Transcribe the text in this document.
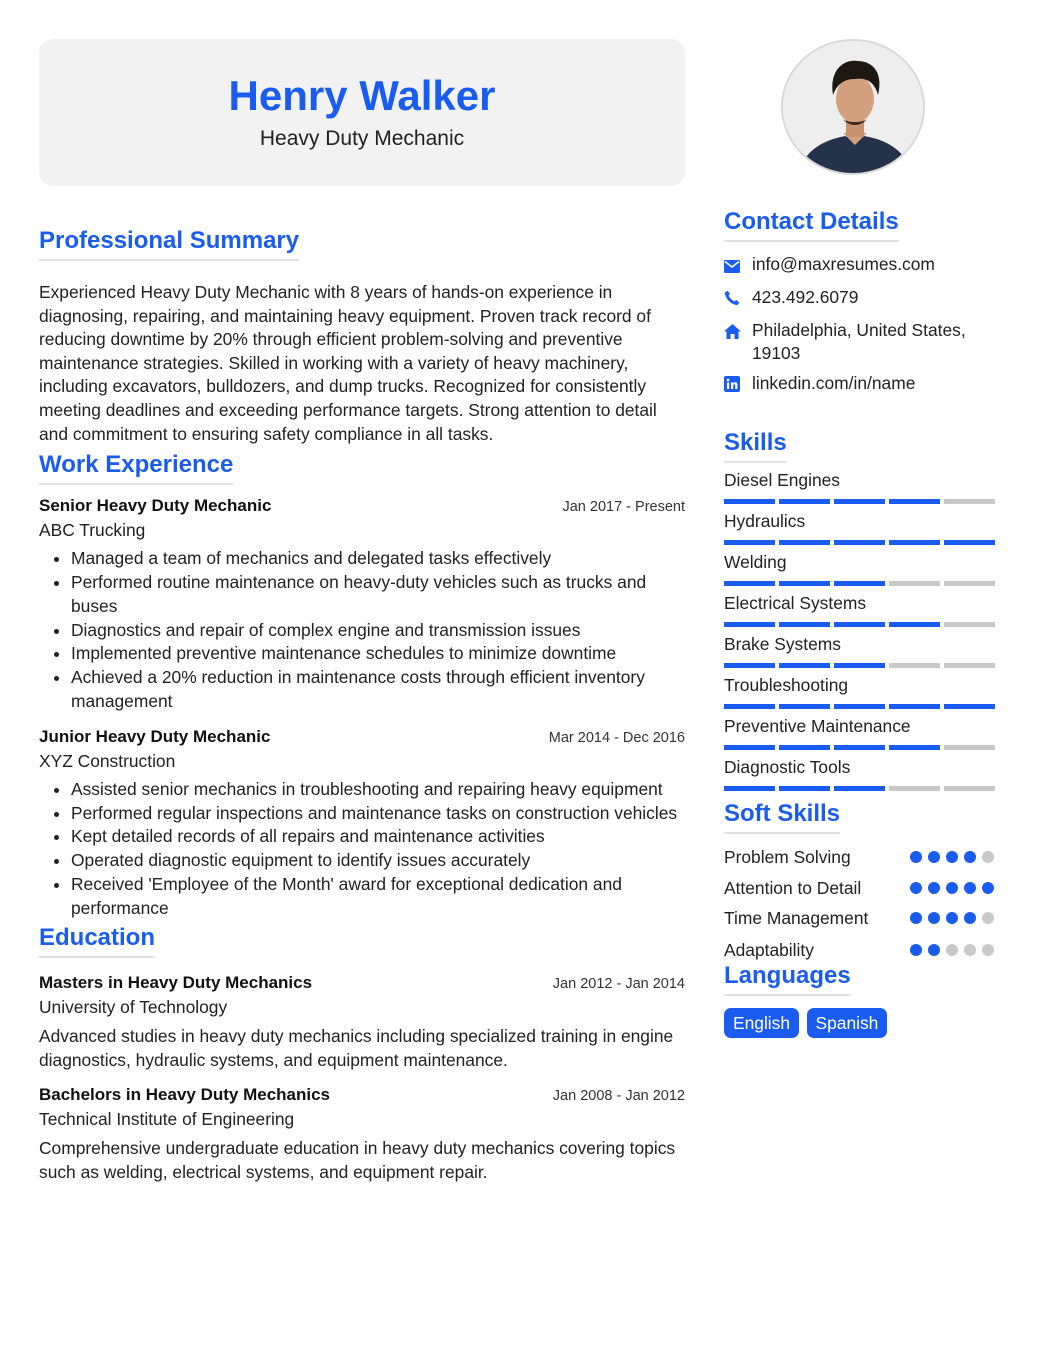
Henry Walker
Heavy Duty Mechanic
Professional Summary

Experienced Heavy Duty Mechanic with 8 years of hands-on experience in diagnosing, repairing, and maintaining heavy equipment. Proven track record of reducing downtime by 20% through efficient problem-solving and preventive maintenance strategies. Skilled in working with a variety of heavy machinery, including excavators, bulldozers, and dump trucks. Recognized for consistently meeting deadlines and exceeding performance targets. Strong attention to detail and commitment to ensuring safety compliance in all tasks.

Work Experience
Senior Heavy Duty Mechanic	Jan 2017 - Present
ABC Trucking
• Managed a team of mechanics and delegated tasks effectively
• Performed routine maintenance on heavy-duty vehicles such as trucks and buses
• Diagnostics and repair of complex engine and transmission issues
• Implemented preventive maintenance schedules to minimize downtime
• Achieved a 20% reduction in maintenance costs through efficient inventory management
Junior Heavy Duty Mechanic	Mar 2014 - Dec 2016
XYZ Construction
• Assisted senior mechanics in troubleshooting and repairing heavy equipment
• Performed regular inspections and maintenance tasks on construction vehicles
• Kept detailed records of all repairs and maintenance activities
• Operated diagnostic equipment to identify issues accurately
• Received 'Employee of the Month' award for exceptional dedication and performance
Education
Masters in Heavy Duty Mechanics	Jan 2012 - Jan 2014
University of Technology

Advanced studies in heavy duty mechanics including specialized training in engine diagnostics, hydraulic systems, and equipment maintenance.

Bachelors in Heavy Duty Mechanics	Jan 2008 - Jan 2012
Technical Institute of Engineering

Comprehensive undergraduate education in heavy duty mechanics covering topics such as welding, electrical systems, and equipment repair.

Contact Details
info@maxresumes.com
423.492.6079
Philadelphia, United States, 19103
linkedin.com/in/name
Skills
Diesel Engines
Hydraulics
Welding
Electrical Systems
Brake Systems
Troubleshooting
Preventive Maintenance
Diagnostic Tools
Soft Skills
Problem Solving
Attention to Detail
Time Management
Adaptability
Languages
English Spanish
